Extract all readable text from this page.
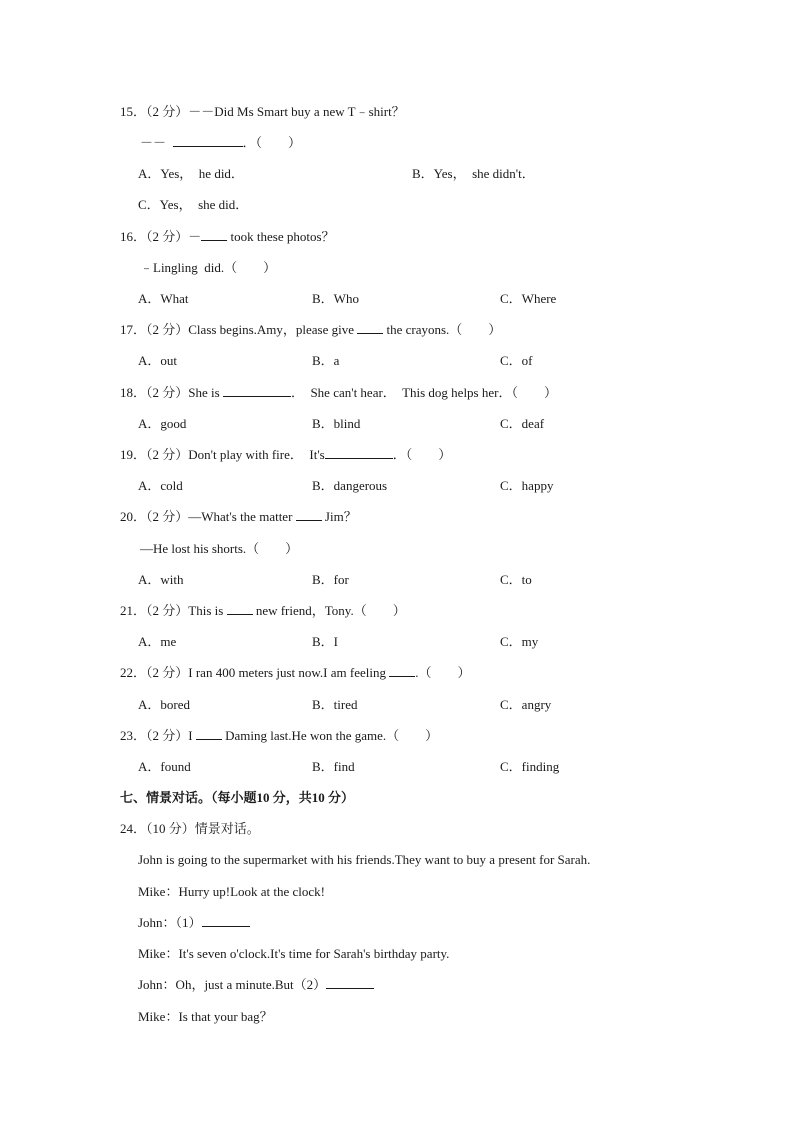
15．（2 分）－－Did Ms Smart buy a new T﹣shirt？
－－	．（　　）
A．Yes，  he did．	B．Yes，  she didn't．
C．Yes，  she did．
16．（2 分）－ took these photos？
﹣Lingling  did.（　　）
A．What	B．Who	C．Where
17．（2 分）Class begins.Amy，please give	the crayons.（　　）
A．out	B．a	C．of
18．（2 分）She is	．  She can't hear．  This dog helps her．（　　）
A．good	B．blind	C．deaf
19．（2 分）Don't play with fire．  It's	．（　　）
A．cold	B．dangerous	C．happy
20．（2 分）—What's the matter	Jim？
—He lost his shorts.（　　）
A．with	B．for	C．to
21．（2 分）This is	new friend，Tony.（　　）
A．me	B．I	C．my
22．（2 分）I ran 400 meters just now.I am feeling .（　　）
A．bored	B．tired	C．angry
23．（2 分）I	Daming last.He won the game.（　　）
A．found	B．find	C．finding
七、情景对话。（每小题10 分，共10 分）
24．（10 分）情景对话。
John is going to the supermarket with his friends.They want to buy a present for Sarah.
Mike：Hurry up!Look at the clock!
John：（1）
Mike：It's seven o'clock.It's time for Sarah's birthday party.
John：Oh，just a minute.But（2）
Mike：Is that your bag？
